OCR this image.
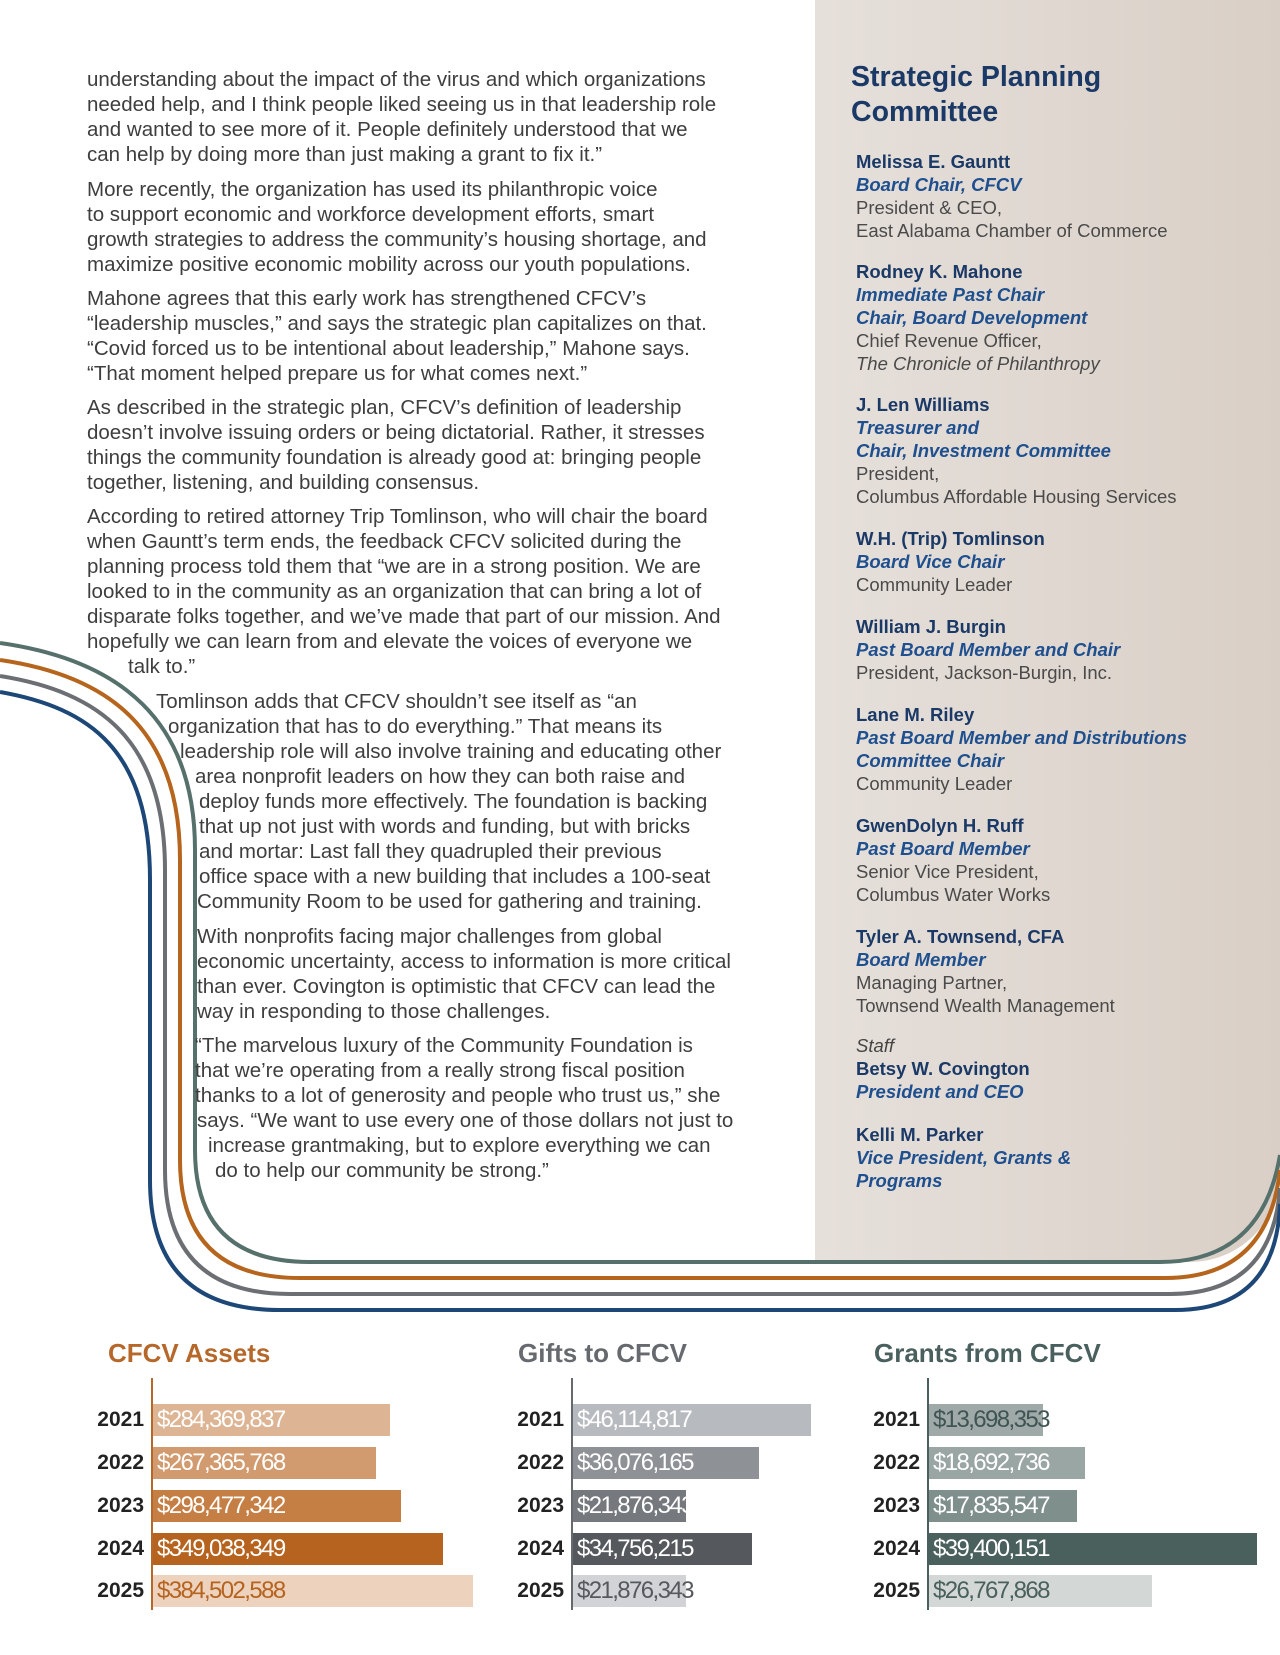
understanding about the impact of the virus and which organizations
needed help, and I think people liked seeing us in that leadership role
and wanted to see more of it. People definitely understood that we
can help by doing more than just making a grant to fix it.”

More recently, the organization has used its philanthropic voice
to support economic and workforce development efforts, smart
growth strategies to address the community’s housing shortage, and
maximize positive economic mobility across our youth populations.

Mahone agrees that this early work has strengthened CFCV’s
“leadership muscles,” and says the strategic plan capitalizes on that.
“Covid forced us to be intentional about leadership,” Mahone says.
“That moment helped prepare us for what comes next.”

As described in the strategic plan, CFCV’s definition of leadership
doesn’t involve issuing orders or being dictatorial. Rather, it stresses
things the community foundation is already good at: bringing people
together, listening, and building consensus.

According to retired attorney Trip Tomlinson, who will chair the board
when Gauntt’s term ends, the feedback CFCV solicited during the
planning process told them that “we are in a strong position. We are
looked to in the community as an organization that can bring a lot of
disparate folks together, and we’ve made that part of our mission. And
hopefully we can learn from and elevate the voices of everyone we
talk to.”

Tomlinson adds that CFCV shouldn’t see itself as “an
organization that has to do everything.” That means its
leadership role will also involve training and educating other
area nonprofit leaders on how they can both raise and
deploy funds more effectively. The foundation is backing
that up not just with words and funding, but with bricks
and mortar: Last fall they quadrupled their previous
office space with a new building that includes a 100-seat
Community Room to be used for gathering and training.

With nonprofits facing major challenges from global
economic uncertainty, access to information is more critical
than ever. Covington is optimistic that CFCV can lead the
way in responding to those challenges.

“The marvelous luxury of the Community Foundation is
that we’re operating from a really strong fiscal position
thanks to a lot of generosity and people who trust us,” she
says. “We want to use every one of those dollars not just to
increase grantmaking, but to explore everything we can
do to help our community be strong.”

Strategic Planning
Committee
Melissa E. Gauntt
Board Chair, CFCV
President & CEO,
East Alabama Chamber of Commerce
Rodney K. Mahone
Immediate Past Chair
Chair, Board Development
Chief Revenue Officer,
The Chronicle of Philanthropy
J. Len Williams
Treasurer and
Chair, Investment Committee
President,
Columbus Affordable Housing Services
W.H. (Trip) Tomlinson
Board Vice Chair
Community Leader
William J. Burgin
Past Board Member and Chair
President, Jackson-Burgin, Inc.
Lane M. Riley
Past Board Member and Distributions
Committee Chair
Community Leader
GwenDolyn H. Ruff
Past Board Member
Senior Vice President,
Columbus Water Works
Tyler A. Townsend, CFA
Board Member
Managing Partner,
Townsend Wealth Management
Staff
Betsy W. Covington
President and CEO
Kelli M. Parker
Vice President, Grants &
Programs
CFCV Assets
2021 $284,369,837
2022 $267,365,768
2023 $298,477,342
2024 $349,038,349
2025 $384,502,588
Gifts to CFCV
2021 $46,114,817
2022 $36,076,165
2023 $21,876,343
2024 $34,756,215
2025 $21,876,343
Grants from CFCV
2021 $13,698,353
2022 $18,692,736
2023 $17,835,547
2024 $39,400,151
2025 $26,767,868
